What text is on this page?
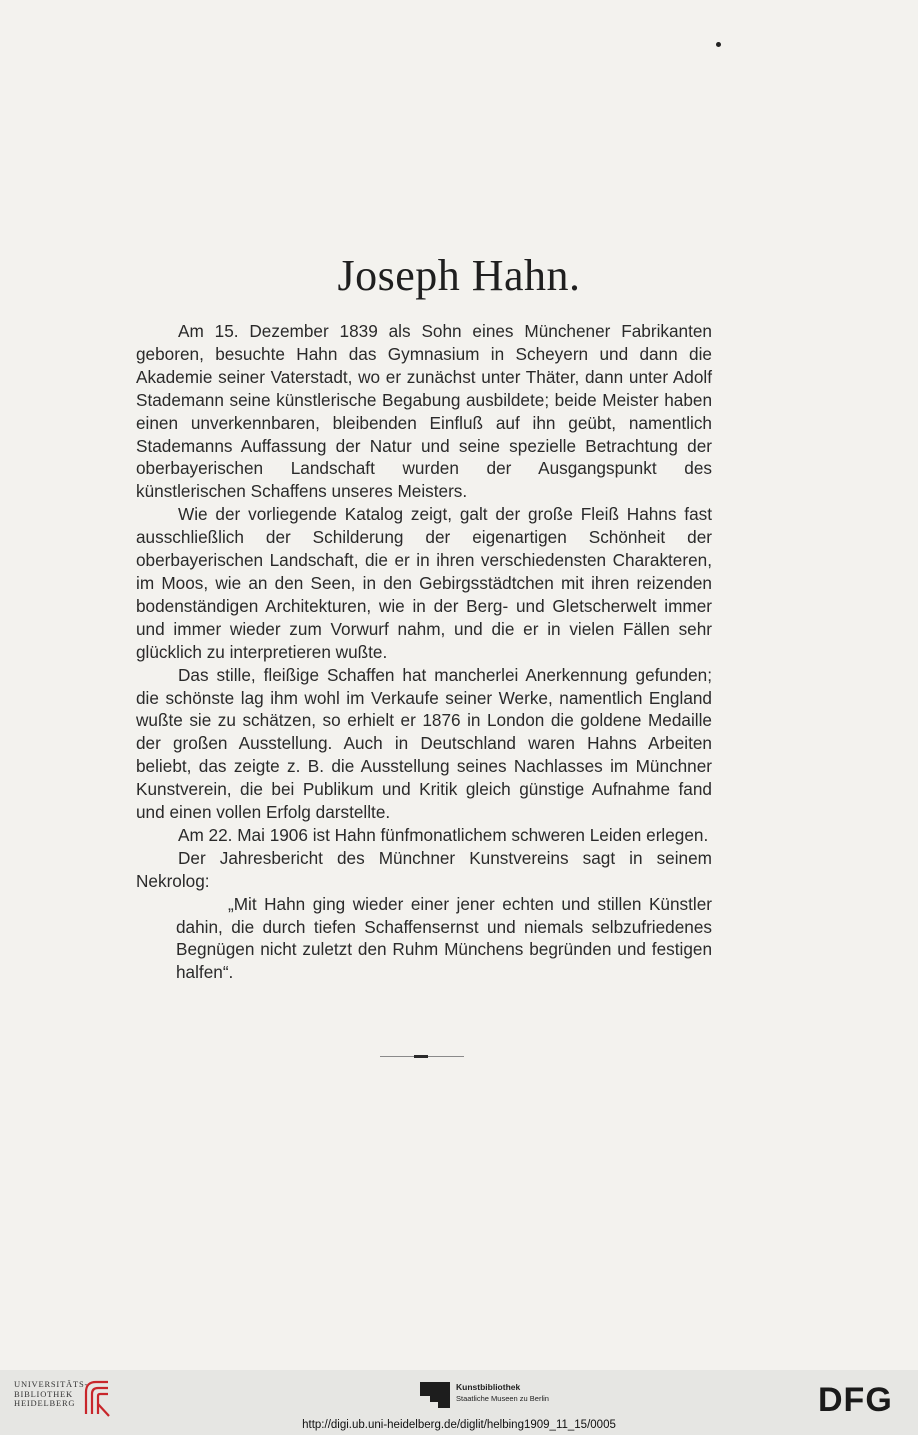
Joseph Hahn.

Am 15. Dezember 1839 als Sohn eines Münchener Fabrikanten geboren, besuchte Hahn das Gymnasium in Scheyern und dann die Akademie seiner Vaterstadt, wo er zunächst unter Thäter, dann unter Adolf Stademann seine künstlerische Begabung ausbildete; beide Meister haben einen unverkennbaren, bleibenden Einfluß auf ihn geübt, namentlich Stademanns Auffassung der Natur und seine spezielle Betrachtung der oberbayerischen Landschaft wurden der Ausgangspunkt des künstlerischen Schaffens unseres Meisters.

Wie der vorliegende Katalog zeigt, galt der große Fleiß Hahns fast ausschließlich der Schilderung der eigenartigen Schönheit der oberbayerischen Landschaft, die er in ihren verschiedensten Charakteren, im Moos, wie an den Seen, in den Gebirgsstädtchen mit ihren reizenden bodenständigen Architekturen, wie in der Berg- und Gletscherwelt immer und immer wieder zum Vorwurf nahm, und die er in vielen Fällen sehr glücklich zu interpretieren wußte.

Das stille, fleißige Schaffen hat mancherlei Anerkennung gefunden; die schönste lag ihm wohl im Verkaufe seiner Werke, namentlich England wußte sie zu schätzen, so erhielt er 1876 in London die goldene Medaille der großen Ausstellung. Auch in Deutschland waren Hahns Arbeiten beliebt, das zeigte z. B. die Ausstellung seines Nachlasses im Münchner Kunstverein, die bei Publikum und Kritik gleich günstige Aufnahme fand und einen vollen Erfolg darstellte.

Am 22. Mai 1906 ist Hahn fünfmonatlichem schweren Leiden erlegen.

Der Jahresbericht des Münchner Kunstvereins sagt in seinem Nekrolog:

„Mit Hahn ging wieder einer jener echten und stillen Künstler dahin, die durch tiefen Schaffensernst und niemals selbzufriedenes Begnügen nicht zuletzt den Ruhm Münchens begründen und festigen halfen“.

UNIVERSITÄTS-
BIBLIOTHEK
HEIDELBERG
Kunstbibliothek
Staatliche Museen zu Berlin	DFG
http://digi.ub.uni-heidelberg.de/diglit/helbing1909_11_15/0005
